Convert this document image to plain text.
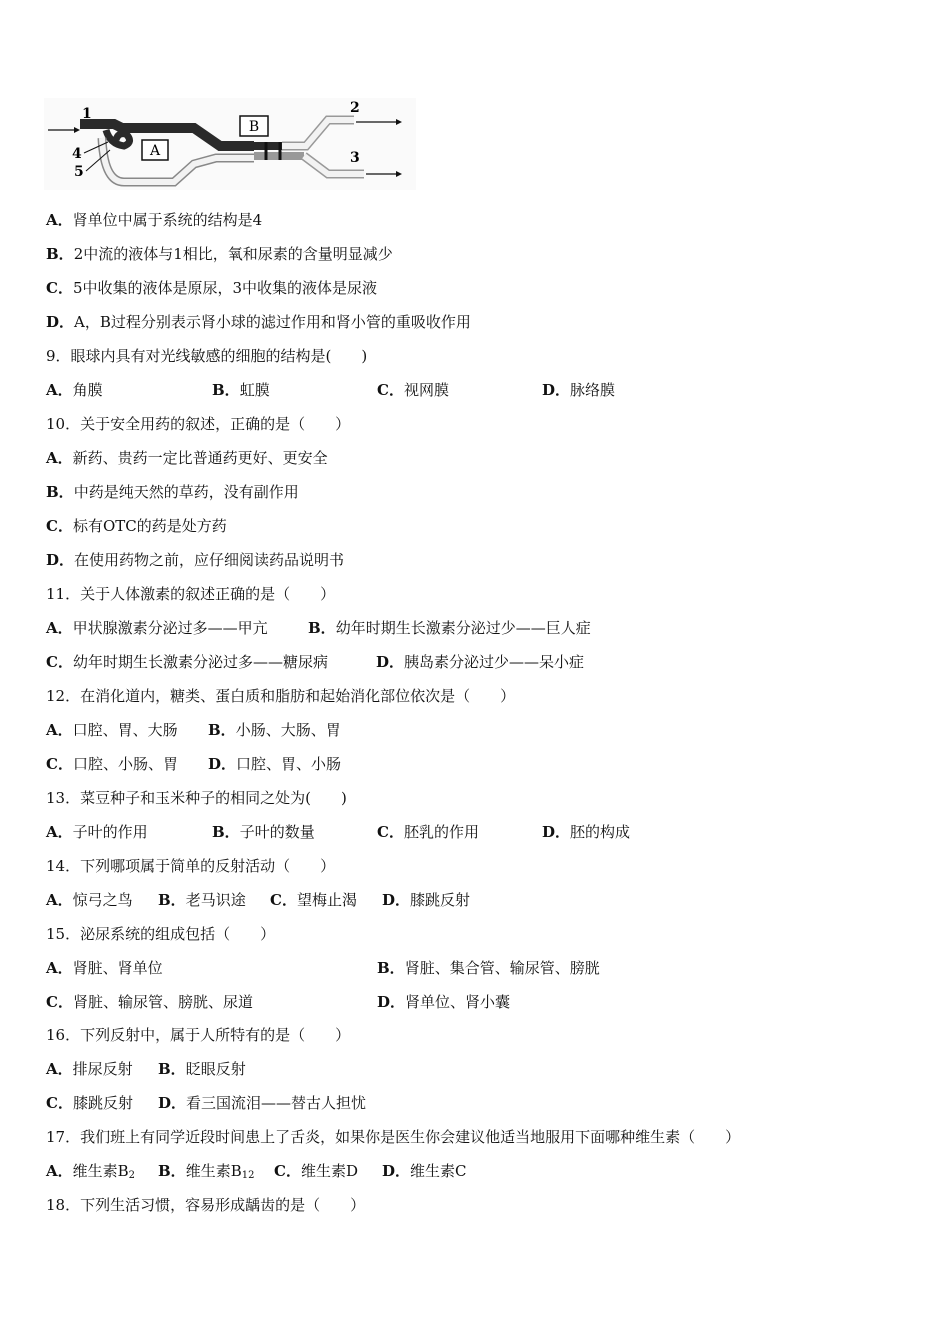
A
B
1	2
3
4
5
A．肾单位中属于系统的结构是4
B．2中流的液体与1相比，氧和尿素的含量明显减少
C．5中收集的液体是原尿，3中收集的液体是尿液
D．A，B过程分别表示肾小球的滤过作用和肾小管的重吸收作用
9．眼球内具有对光线敏感的细胞的结构是(　　)
A．角膜	B．虹膜	C．视网膜	D．脉络膜
10．关于安全用药的叙述，正确的是（　　）
A．新药、贵药一定比普通药更好、更安全
B．中药是纯天然的草药，没有副作用
C．标有OTC的药是处方药
D．在使用药物之前，应仔细阅读药品说明书
11．关于人体激素的叙述正确的是（　　）
A．甲状腺激素分泌过多——甲亢	B．幼年时期生长激素分泌过少——巨人症
C．幼年时期生长激素分泌过多——糖尿病	D．胰岛素分泌过少——呆小症
12．在消化道内，糖类、蛋白质和脂肪和起始消化部位依次是（　　）
A．口腔、胃、大肠 B．小肠、大肠、胃
C．口腔、小肠、胃 D．口腔、胃、小肠
13．菜豆种子和玉米种子的相同之处为(　　)
A．子叶的作用	B．子叶的数量	C．胚乳的作用	D．胚的构成
14．下列哪项属于简单的反射活动（　　）
A．惊弓之鸟 B．老马识途 C．望梅止渴 D．膝跳反射
15．泌尿系统的组成包括（　　）
A．肾脏、肾单位	B．肾脏、集合管、输尿管、膀胱
C．肾脏、输尿管、膀胱、尿道	D．肾单位、肾小囊
16．下列反射中，属于人所特有的是（　　）
A．排尿反射 B．眨眼反射
C．膝跳反射 D．看三国流泪——替古人担忧
17．我们班上有同学近段时间患上了舌炎，如果你是医生你会建议他适当地服用下面哪种维生素（　　）
A．维生素$B_2$ B．维生素$B_{12}$ C．维生素D D．维生素C
18．下列生活习惯，容易形成龋齿的是（　　）
